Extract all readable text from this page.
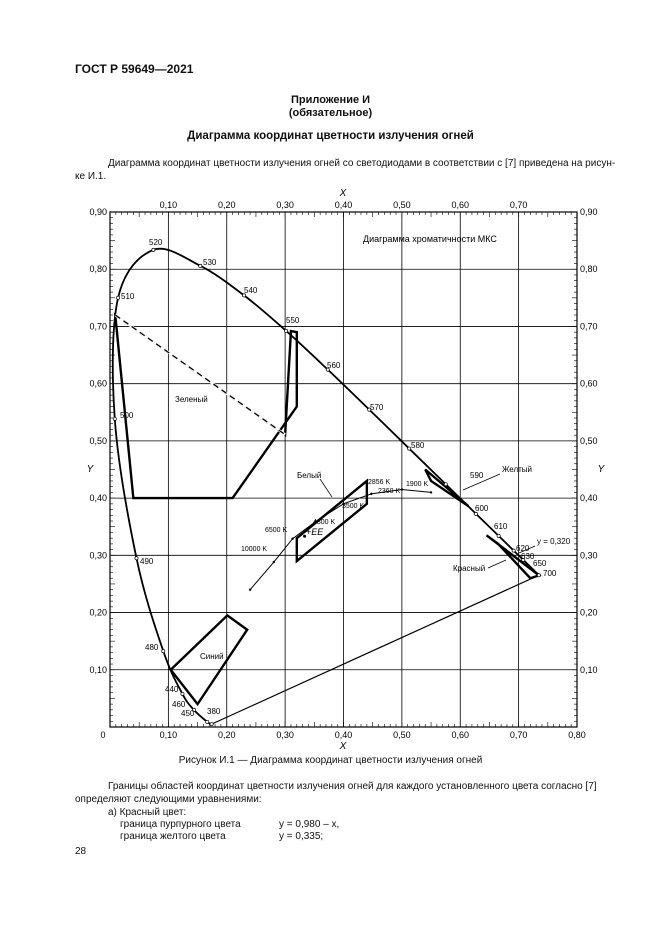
ГОСТ Р 59649—2021
Приложение И
(обязательное)
Диаграмма координат цветности излучения огней
Диаграмма координат цветности излучения огней со светодиодами в соответствии с [7] приведена на рисун-
ке И.1.
0,10	0,20	0,30	0,40	0,50	0,60	0,70
0,10	0,20	0,30	0,40	0,50	0,60	0,70	0,80
0,10	0,10
0,20	0,20
0,30	0,30
0,40	0,40
0,50	0,50
0,60	0,60
0,70	0,70
0,80	0,80
0,90	0,90
X
X
Y	Y
0
Диаграмма хроматичности МКС
520
530
510
540
550
560
500
570
580
590
600
610
620
630
650
700
490
480
440
460
450 380
2856 K 1900 K
2360 K
3500 K
4800 K
6500 K
10000 K
Зеленый
Белый
Желтый
Красный
Синий
+EE
y = 0,320
Рисунок И.1 — Диаграмма координат цветности излучения огней
Границы областей координат цветности излучения огней для каждого установленного цвета согласно [7]
определяют следующими уравнениями:
а) Красный цвет:
граница пурпурного цвета	y = 0,980 – x,
граница желтого цвета	y = 0,335;
28
